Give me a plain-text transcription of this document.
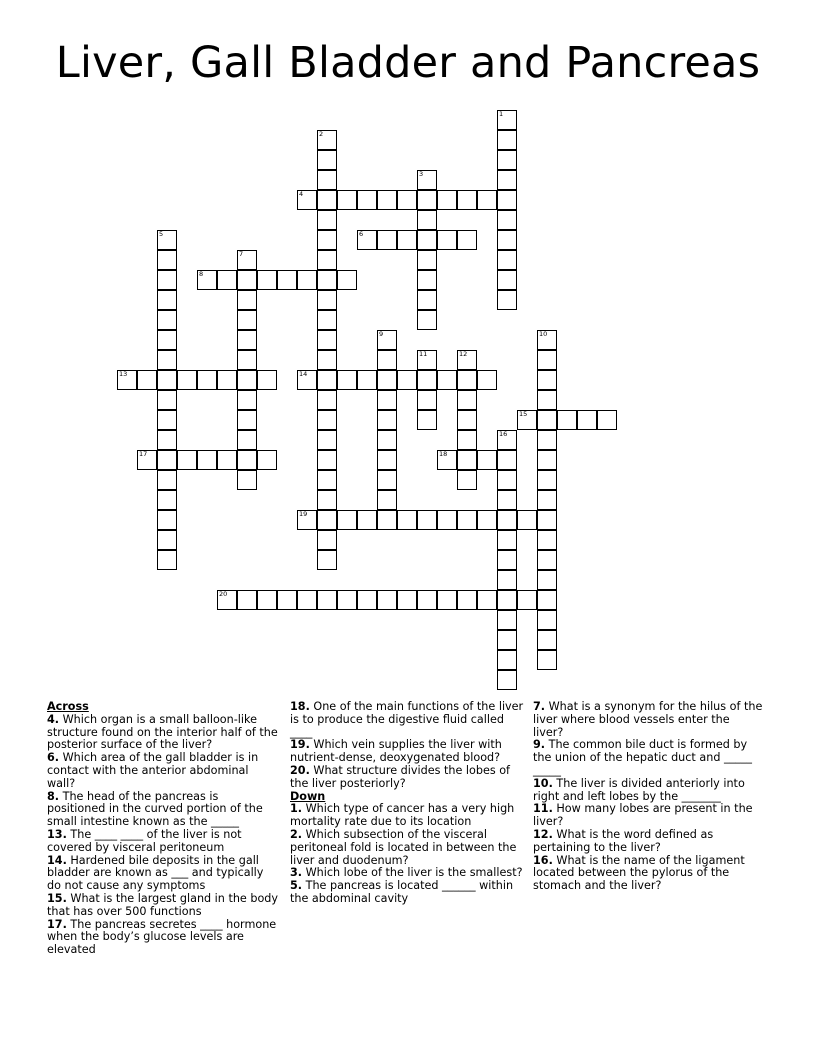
Liver, Gall Bladder and Pancreas
1
2
3
4
5	6
7
8
9	10
11	12
13	14
15
16
17	18
19
20
Across
4. Which organ is a small balloon-like structure found on the interior half of the posterior surface of the liver?
6. Which area of the gall bladder is in contact with the anterior abdominal wall?
8. The head of the pancreas is positioned in the curved portion of the small intestine known as the _____
13. The ____ ____ of the liver is not covered by visceral peritoneum
14. Hardened bile deposits in the gall bladder are known as ___ and typically do not cause any symptoms
15. What is the largest gland in the body that has over 500 functions
17. The pancreas secretes ____ hormone when the body’s glucose levels are elevated
18. One of the main functions of the liver is to produce the digestive fluid called ____
19. Which vein supplies the liver with nutrient-dense, deoxygenated blood?
20. What structure divides the lobes of the liver posteriorly?
Down
1. Which type of cancer has a very high mortality rate due to its location
2. Which subsection of the visceral peritoneal fold is located in between the liver and duodenum?
3. Which lobe of the liver is the smallest?
5. The pancreas is located ______ within the abdominal cavity
7. What is a synonym for the hilus of the liver where blood vessels enter the liver?
9. The common bile duct is formed by the union of the hepatic duct and _____ _____
10. The liver is divided anteriorly into right and left lobes by the _______
11. How many lobes are present in the liver?
12. What is the word defined as pertaining to the liver?
16. What is the name of the ligament located between the pylorus of the stomach and the liver?
